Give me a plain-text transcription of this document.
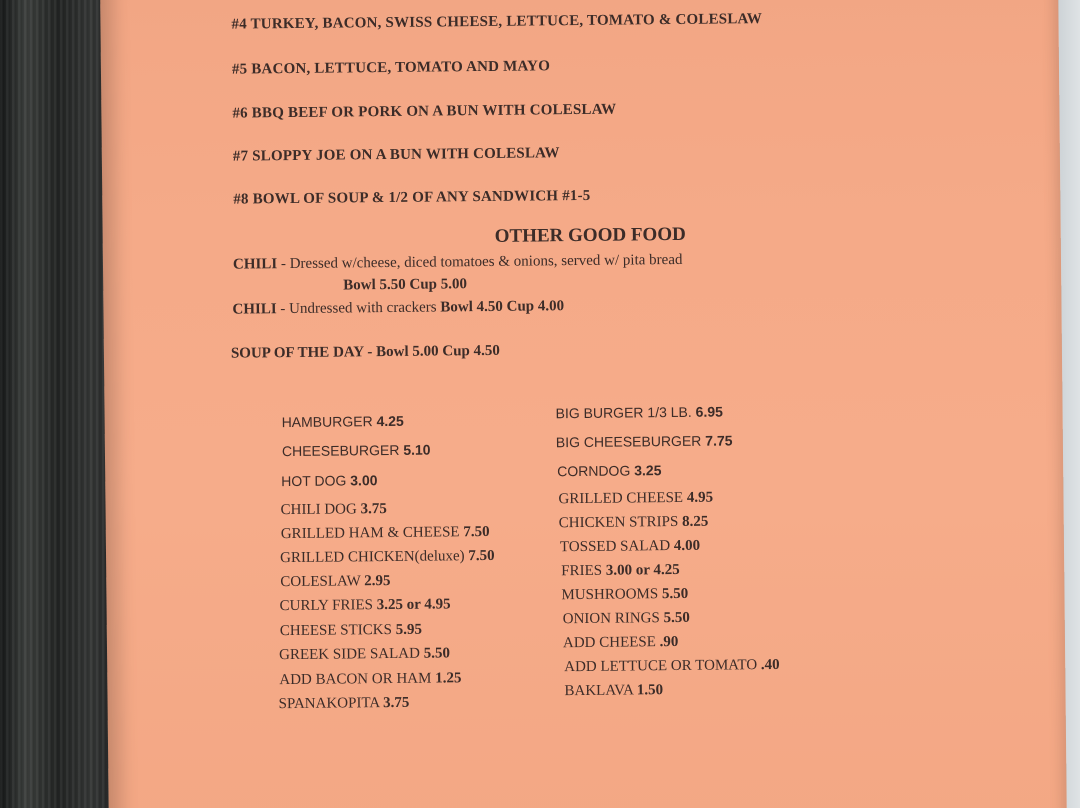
#4 TURKEY, BACON, SWISS CHEESE, LETTUCE, TOMATO & COLESLAW
#5 BACON, LETTUCE, TOMATO AND MAYO
#6 BBQ BEEF OR PORK ON A BUN WITH COLESLAW
#7 SLOPPY JOE ON A BUN WITH COLESLAW
#8 BOWL OF SOUP & 1/2 OF ANY SANDWICH #1-5
OTHER GOOD FOOD
CHILI - Dressed w/cheese, diced tomatoes & onions, served w/ pita bread
Bowl 5.50 Cup 5.00
CHILI - Undressed with crackers Bowl 4.50 Cup 4.00
SOUP OF THE DAY - Bowl 5.00 Cup 4.50
HAMBURGER 4.25
CHEESEBURGER 5.10
HOT DOG 3.00
CHILI DOG 3.75
GRILLED HAM & CHEESE 7.50
GRILLED CHICKEN(deluxe) 7.50
COLESLAW 2.95
CURLY FRIES 3.25 or 4.95
CHEESE STICKS 5.95
GREEK SIDE SALAD 5.50
ADD BACON OR HAM 1.25
SPANAKOPITA 3.75
BIG BURGER 1/3 LB. 6.95
BIG CHEESEBURGER 7.75
CORNDOG 3.25
GRILLED CHEESE 4.95
CHICKEN STRIPS 8.25
TOSSED SALAD 4.00
FRIES 3.00 or 4.25
MUSHROOMS 5.50
ONION RINGS 5.50
ADD CHEESE .90
ADD LETTUCE OR TOMATO .40
BAKLAVA 1.50
